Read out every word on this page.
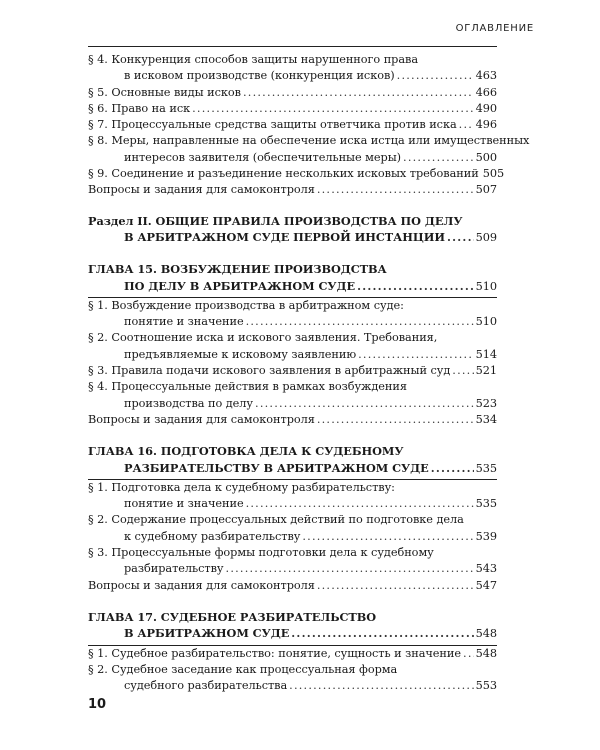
ОГЛАВЛЕНИЕ
§ 4. Конкуренция способов защиты нарушенного права
в исковом производстве (конкуренция исков) .....	463
§ 5. Основные виды исков .....	466
§ 6. Право на иск .....	490
§ 7. Процессуальные средства защиты ответчика против иска ..... 496
§ 8. Меры, направленные на обеспечение иска истца или имущественных
интересов заявителя (обеспечительные меры) .....	500
§ 9. Соединение и разъединение нескольких исковых требований 505
Вопросы и задания для самоконтроля .....	507
Раздел II. ОБЩИЕ ПРАВИЛА ПРОИЗВОДСТВА ПО ДЕЛУ
В АРБИТРАЖНОМ СУДЕ ПЕРВОЙ ИНСТАНЦИИ .....	509
ГЛАВА 15. ВОЗБУЖДЕНИЕ ПРОИЗВОДСТВА
ПО ДЕЛУ В АРБИТРАЖНОМ СУДЕ .....	510
§ 1. Возбуждение производства в арбитражном суде:
понятие и значение .....	510
§ 2. Соотношение иска и искового заявления. Требования,
предъявляемые к исковому заявлению .....	514
§ 3. Правила подачи искового заявления в арбитражный суд ..... 521
§ 4. Процессуальные действия в рамках возбуждения
производства по делу .....	523
Вопросы и задания для самоконтроля .....	534
ГЛАВА 16. ПОДГОТОВКА ДЕЛА К СУДЕБНОМУ
РАЗБИРАТЕЛЬСТВУ В АРБИТРАЖНОМ СУДЕ .....	535
§ 1. Подготовка дела к судебному разбирательству:
понятие и значение .....	535
§ 2. Содержание процессуальных действий по подготовке дела
к судебному разбирательству .....	539
§ 3. Процессуальные формы подготовки дела к судебному
разбирательству .....	543
Вопросы и задания для самоконтроля .....	547
ГЛАВА 17. СУДЕБНОЕ РАЗБИРАТЕЛЬСТВО
В АРБИТРАЖНОМ СУДЕ .....	548
§ 1. Судебное разбирательство: понятие, сущность и значение ..... 548
§ 2. Судебное заседание как процессуальная форма
судебного разбирательства .....	553
10
